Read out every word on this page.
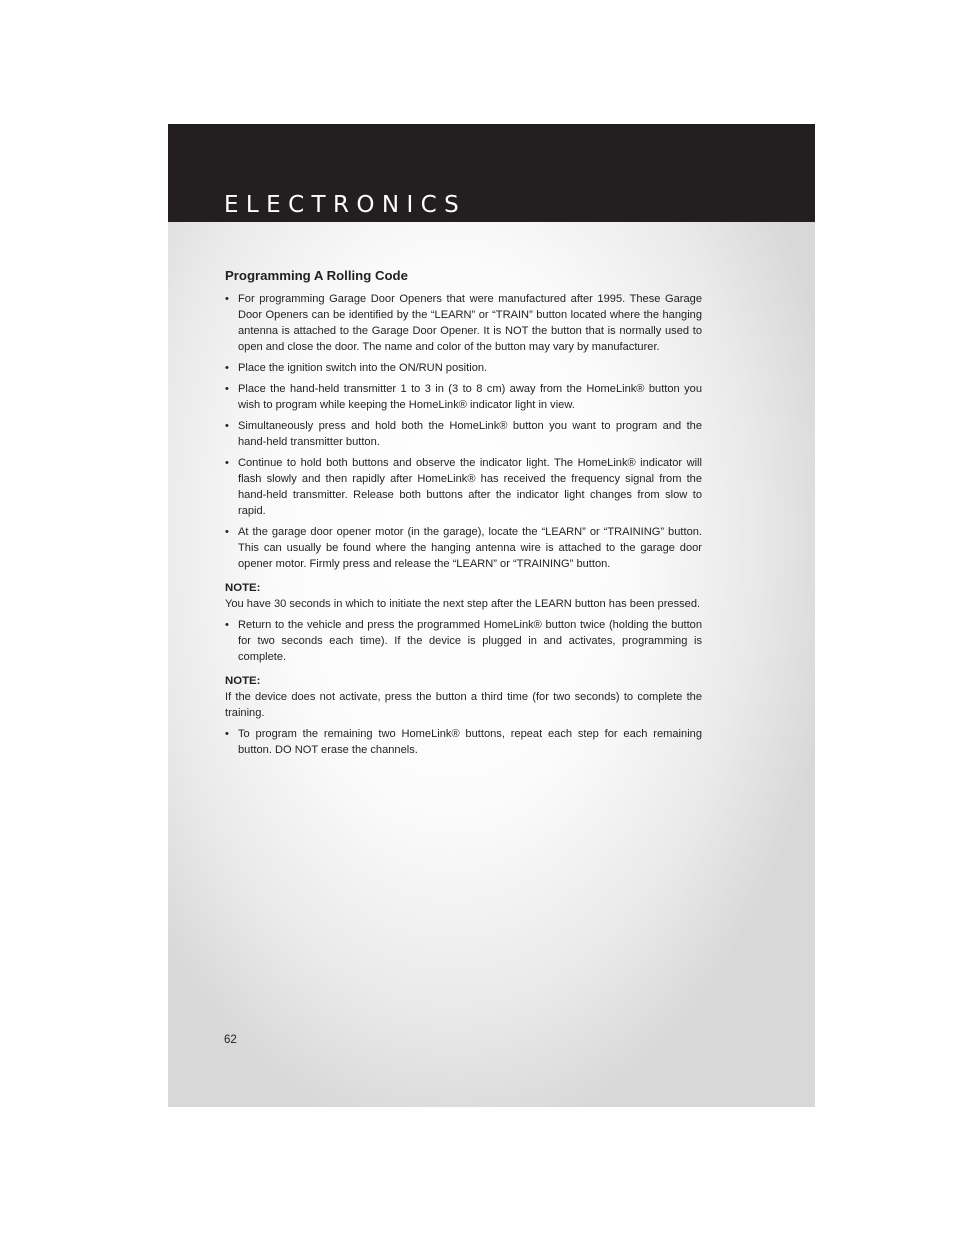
ELECTRONICS
Programming A Rolling Code
• For programming Garage Door Openers that were manufactured after 1995. These Garage Door Openers can be identified by the “LEARN” or “TRAIN” button located where the hanging antenna is attached to the Garage Door Opener. It is NOT the button that is normally used to open and close the door. The name and color of the button may vary by manufacturer.
• Place the ignition switch into the ON/RUN position.
• Place the hand-held transmitter 1 to 3 in (3 to 8 cm) away from the HomeLink® button you wish to program while keeping the HomeLink® indicator light in view.
• Simultaneously press and hold both the HomeLink® button you want to program and the hand-held transmitter button.
• Continue to hold both buttons and observe the indicator light. The HomeLink® indicator will flash slowly and then rapidly after HomeLink® has received the frequency signal from the hand-held transmitter. Release both buttons after the indicator light changes from slow to rapid.
• At the garage door opener motor (in the garage), locate the “LEARN” or “TRAINING” button. This can usually be found where the hanging antenna wire is attached to the garage door opener motor. Firmly press and release the “LEARN” or “TRAINING” button.
NOTE:

You have 30 seconds in which to initiate the next step after the LEARN button has been pressed.

• Return to the vehicle and press the programmed HomeLink® button twice (holding the button for two seconds each time). If the device is plugged in and activates, programming is complete.
NOTE:

If the device does not activate, press the button a third time (for two seconds) to complete the training.

• To program the remaining two HomeLink® buttons, repeat each step for each remaining button. DO NOT erase the channels.
62
